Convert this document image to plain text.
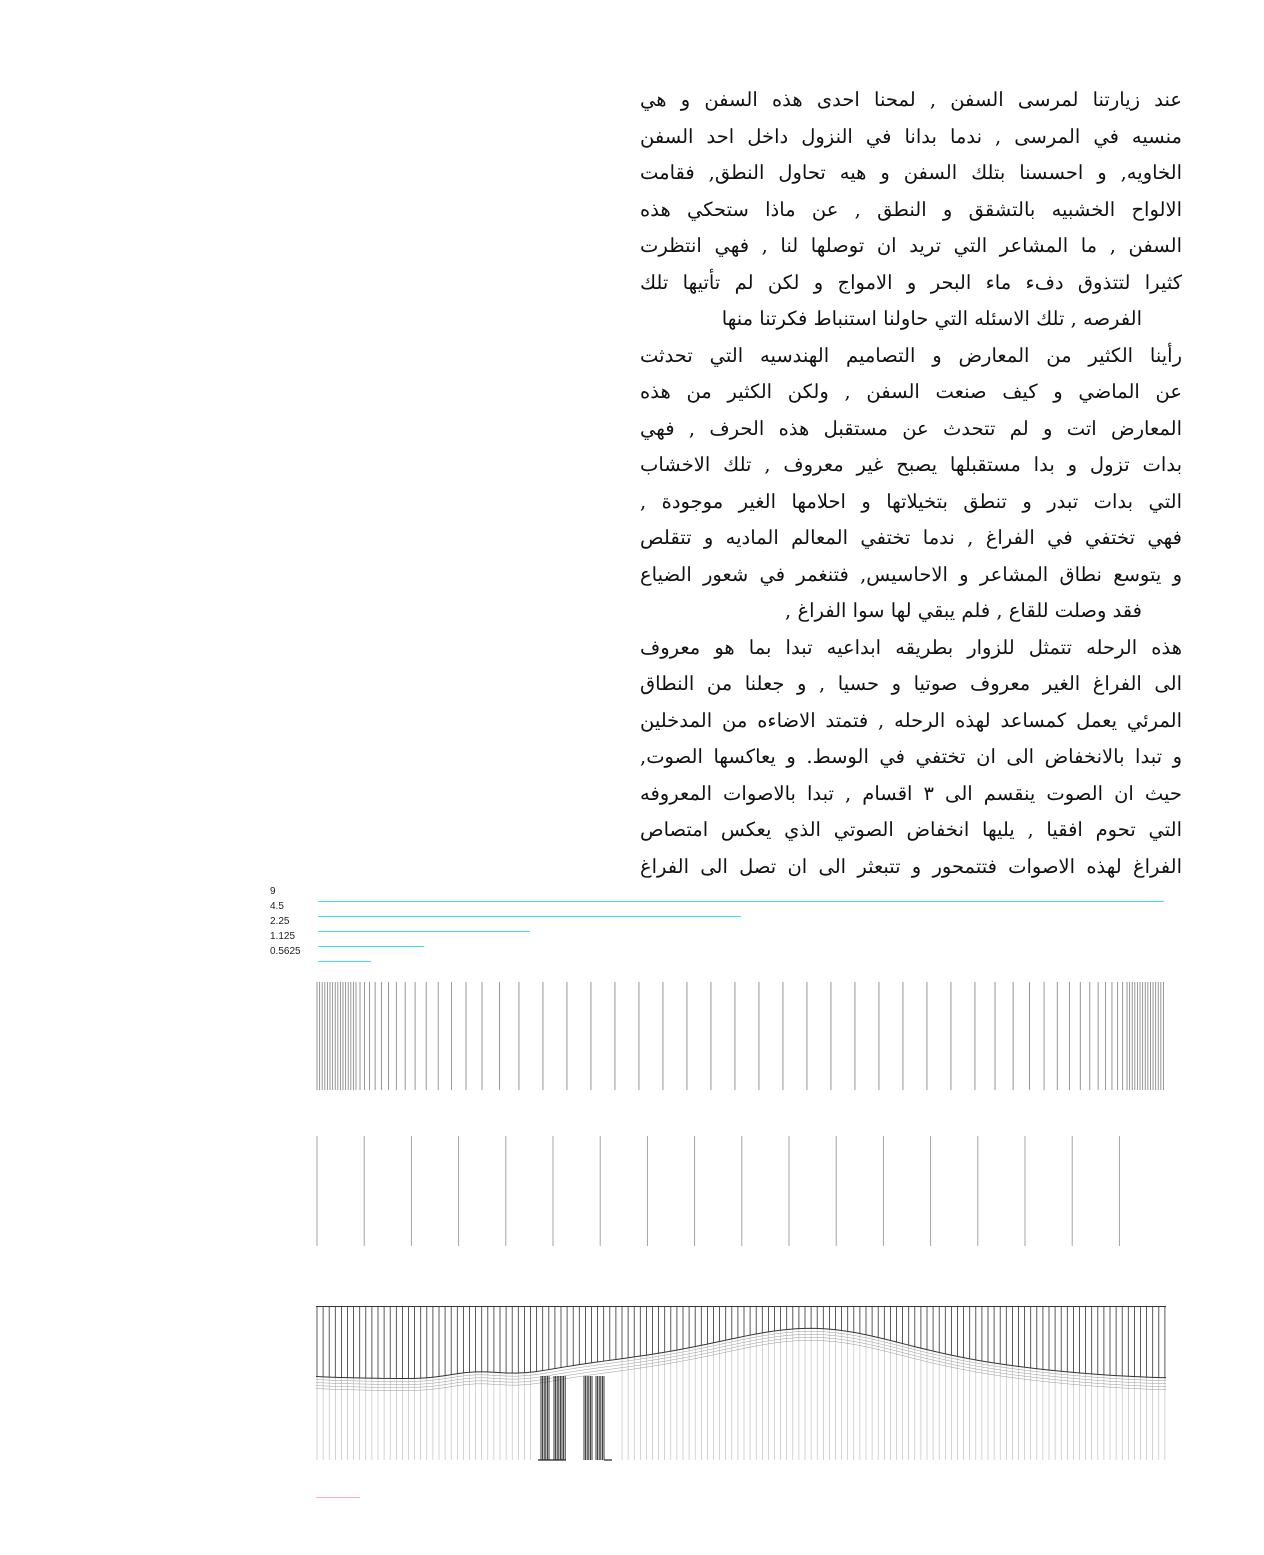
عند زيارتنا لمرسى السفن , لمحنا احدى هذه السفن و هي
منسيه في المرسى , ندما بدانا في النزول داخل احد السفن
الخاويه, و احسسنا بتلك السفن و هيه تحاول النطق, فقامت
الالواح الخشبيه بالتشقق و النطق , عن ماذا ستحكي هذه
السفن , ما المشاعر التي تريد ان توصلها لنا , فهي انتظرت
كثيرا لتتذوق دفء ماء البحر و الامواج و لكن لم تأتيها تلك
الفرصه , تلك الاسئله التي حاولنا استنباط فكرتنا منها
رأينا الكثير من المعارض و التصاميم الهندسيه التي تحدثت
عن الماضي و كيف صنعت السفن , ولكن الكثير من هذه
المعارض اتت و لم تتحدث عن مستقبل هذه الحرف , فهي
بدات تزول و بدا مستقبلها يصبح غير معروف , تلك الاخشاب
التي بدات تبدر و تنطق بتخيلاتها و احلامها الغير موجودة ,
فهي تختفي في الفراغ , ندما تختفي المعالم الماديه و تتقلص
و يتوسع نطاق المشاعر و الاحاسيس, فتنغمر في شعور الضياع
فقد وصلت للقاع , فلم يبقي لها سوا الفراغ ,
هذه الرحله تتمثل للزوار بطريقه ابداعيه تبدا بما هو معروف
الى الفراغ الغير معروف صوتيا و حسيا , و جعلنا من النطاق
المرئي يعمل كمساعد لهذه الرحله , فتمتد الاضاءه من المدخلين
و تبدا بالانخفاض الى ان تختفي في الوسط. و يعاكسها الصوت,
حيث ان الصوت ينقسم الى ٣ اقسام , تبدا بالاصوات المعروفه
التي تحوم افقيا , يليها انخفاض الصوتي الذي يعكس امتصاص
الفراغ لهذه الاصوات فتتمحور و تتبعثر الى ان تصل الى الفراغ
9
4.5
2.25
1.125
0.5625
